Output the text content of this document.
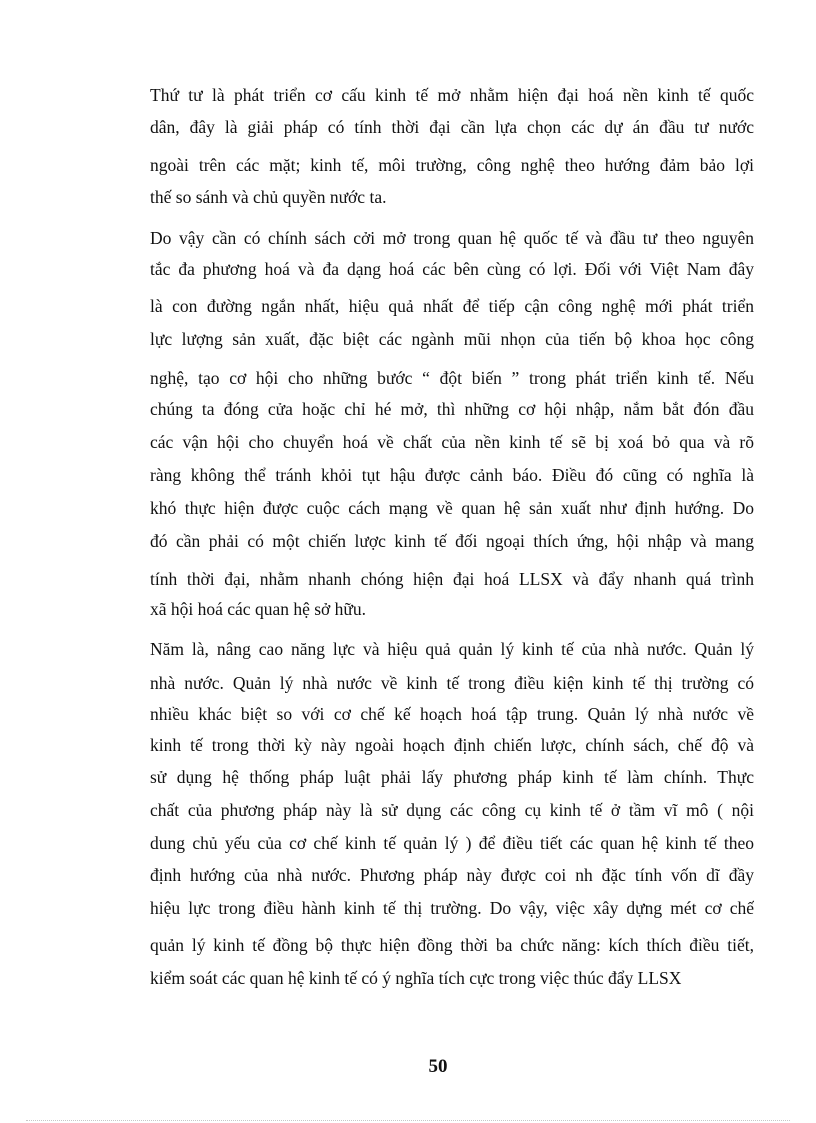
Thứ tư là phát triển cơ cấu kinh tế mở nhằm hiện đại hoá nền kinh tế quốc
dân, đây là giải pháp có tính thời đại cần lựa chọn các dự án đầu tư nước
ngoài trên các mặt; kinh tế, môi trường, công nghệ theo hướng đảm bảo lợi
thế so sánh và chủ quyền nước ta.
Do vậy cần có chính sách cởi mở trong quan hệ quốc tế và đầu tư theo nguyên
tắc đa phương hoá và đa dạng hoá các bên cùng có lợi. Đối với Việt Nam đây
là con đường ngắn nhất, hiệu quả nhất để tiếp cận công nghệ mới phát triển
lực lượng sản xuất, đặc biệt các ngành mũi nhọn của tiến bộ khoa học công
nghệ, tạo cơ hội cho những bước “ đột biến ” trong phát triển kinh tế. Nếu
chúng ta đóng cửa hoặc chỉ hé mở, thì những cơ hội nhập, nắm bắt đón đầu
các vận hội cho chuyển hoá về chất của nền kinh tế sẽ bị xoá bỏ qua và rõ
ràng không thể tránh khỏi tụt hậu được cảnh báo. Điều đó cũng có nghĩa là
khó thực hiện được cuộc cách mạng về quan hệ sản xuất như định hướng. Do
đó cần phải có một chiến lược kinh tế đối ngoại thích ứng, hội nhập và mang
tính thời đại, nhằm nhanh chóng hiện đại hoá LLSX và đẩy nhanh quá trình
xã hội hoá các quan hệ sở hữu.
Năm là, nâng cao năng lực và hiệu quả quản lý kinh tế của nhà nước. Quản lý
nhà nước. Quản lý nhà nước về kinh tế trong điều kiện kinh tế thị trường có
nhiều khác biệt so với cơ chế kế hoạch hoá tập trung. Quản lý nhà nước về
kinh tế trong thời kỳ này ngoài hoạch định chiến lược, chính sách, chế độ và
sử dụng hệ thống pháp luật phải lấy phương pháp kinh tế làm chính. Thực
chất của phương pháp này là sử dụng các công cụ kinh tế ở tầm vĩ mô ( nội
dung chủ yếu của cơ chế kinh tế quản lý ) để điều tiết các quan hệ kinh tế theo
định hướng của nhà nước. Phương pháp này được coi nh đặc tính vốn dĩ đầy
hiệu lực trong điều hành kinh tế thị trường. Do vậy, việc xây dựng mét cơ chế
quản lý kinh tế đồng bộ thực hiện đồng thời ba chức năng: kích thích điều tiết,
kiểm soát các quan hệ kinh tế có ý nghĩa tích cực trong việc thúc đẩy LLSX
50
